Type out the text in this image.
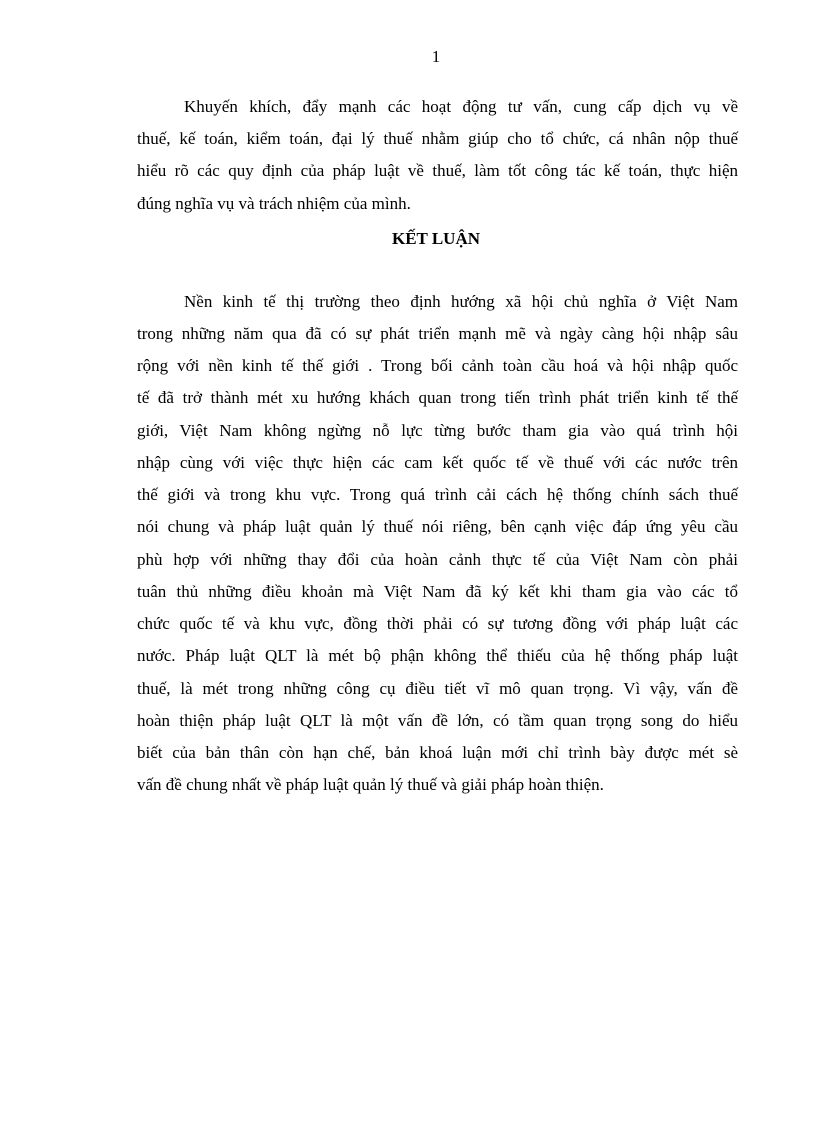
1
Khuyến khích, đẩy mạnh các hoạt động tư vấn, cung cấp dịch vụ về
thuế, kế toán, kiểm toán, đại lý thuế nhằm giúp cho tổ chức, cá nhân nộp thuế
hiểu rõ các quy định của pháp luật về thuế, làm tốt công tác kế toán, thực hiện
đúng nghĩa vụ và trách nhiệm của mình.
KẾT LUẬN
Nền kinh tế thị trường theo định hướng xã hội chủ nghĩa ở Việt Nam
trong những năm qua đã có sự phát triển mạnh mẽ và ngày càng hội nhập sâu
rộng với nền kinh tế thế giới . Trong bối cảnh toàn cầu hoá và hội nhập quốc
tế đã trở thành mét xu hướng khách quan trong tiến trình phát triển kinh tế thế
giới, Việt Nam không ngừng nỗ lực từng bước tham gia vào quá trình hội
nhập cùng với việc thực hiện các cam kết quốc tế về thuế với các nước trên
thế giới và trong khu vực. Trong quá trình cải cách hệ thống chính sách thuế
nói chung và pháp luật quản lý thuế nói riêng, bên cạnh việc đáp ứng yêu cầu
phù hợp với những thay đổi của hoàn cảnh thực tế của Việt Nam còn phải
tuân thủ những điều khoản mà Việt Nam đã ký kết khi tham gia vào các tổ
chức quốc tế và khu vực, đồng thời phải có sự tương đồng với pháp luật các
nước. Pháp luật QLT là mét bộ phận không thể thiếu của hệ thống pháp luật
thuế, là mét trong những công cụ điều tiết vĩ mô quan trọng. Vì vậy, vấn đề
hoàn thiện pháp luật QLT là một vấn đề lớn, có tầm quan trọng song do hiểu
biết của bản thân còn hạn chế, bản khoá luận mới chỉ trình bày được mét sè
vấn đề chung nhất về pháp luật quản lý thuế và giải pháp hoàn thiện.
